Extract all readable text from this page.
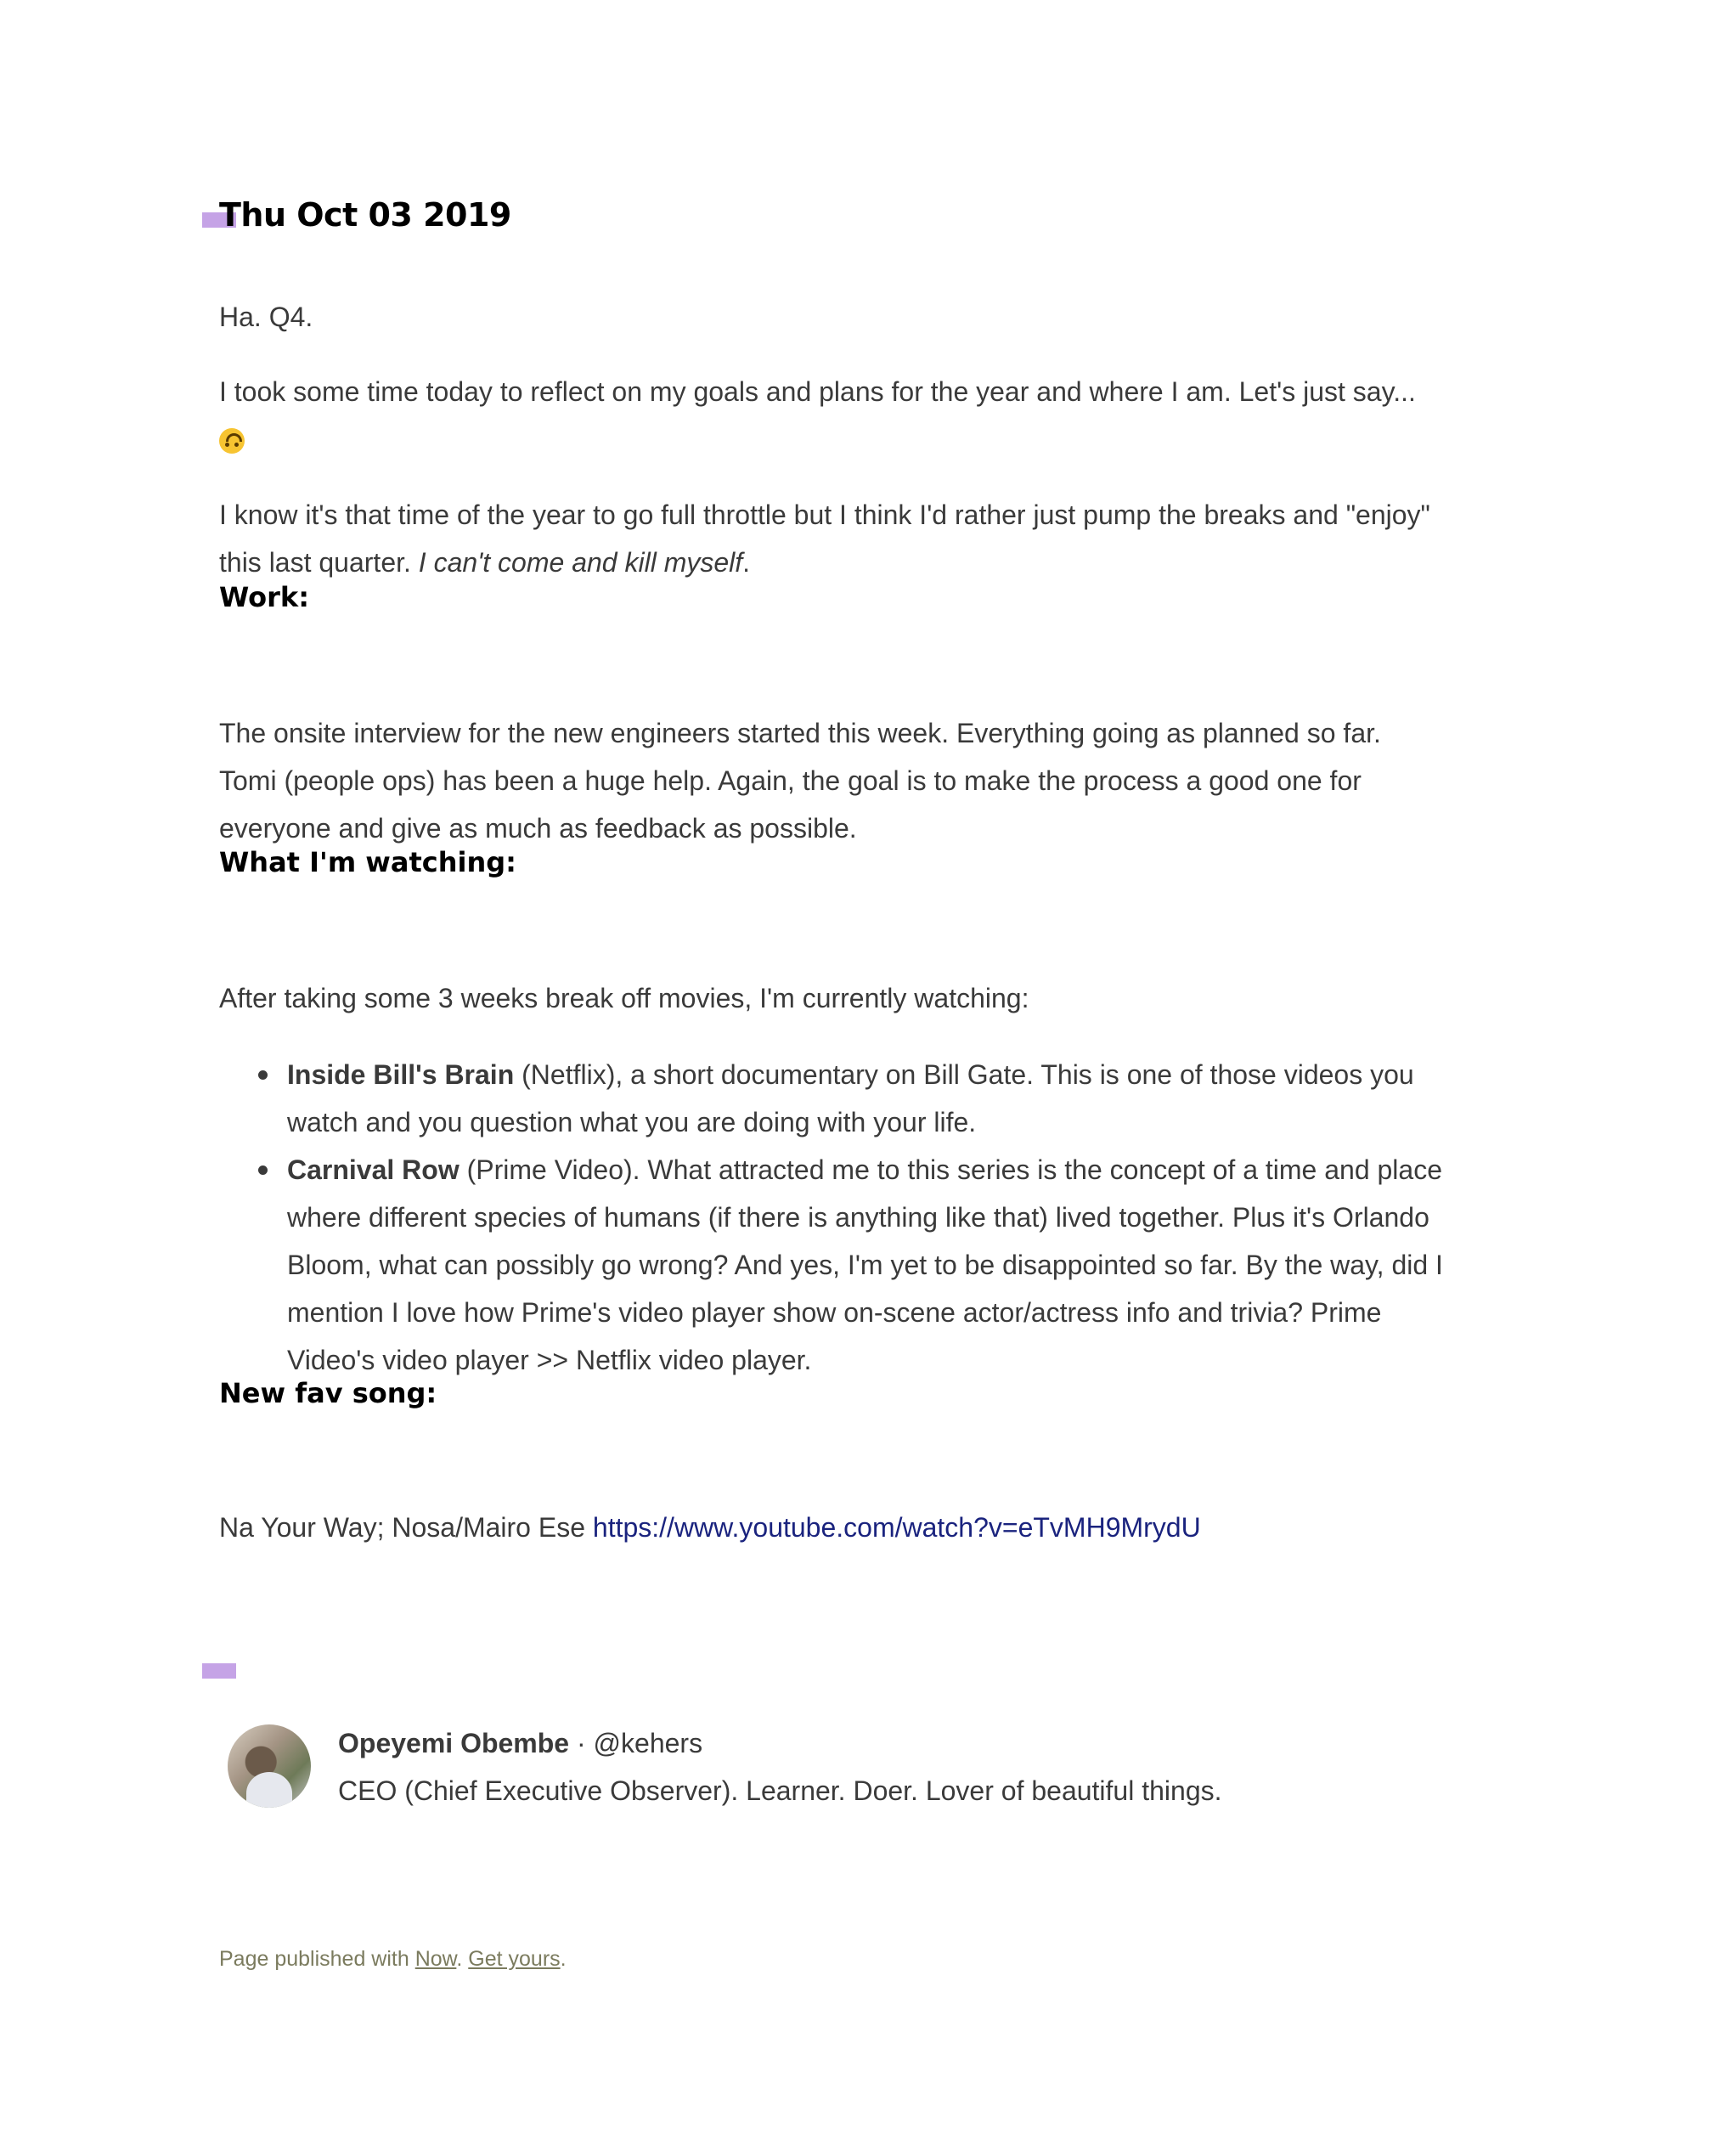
Thu Oct 03 2019

Ha. Q4.

I took some time today to reflect on my goals and plans for the year and where I am. Let's just say...

I know it's that time of the year to go full throttle but I think I'd rather just pump the breaks and "enjoy" this last quarter. I can't come and kill myself.

Work:

The onsite interview for the new engineers started this week. Everything going as planned so far. Tomi (people ops) has been a huge help. Again, the goal is to make the process a good one for everyone and give as much as feedback as possible.

What I'm watching:

After taking some 3 weeks break off movies, I'm currently watching:

Inside Bill's Brain (Netflix), a short documentary on Bill Gate. This is one of those videos you watch and you question what you are doing with your life.
Carnival Row (Prime Video). What attracted me to this series is the concept of a time and place where different species of humans (if there is anything like that) lived together. Plus it's Orlando Bloom, what can possibly go wrong? And yes, I'm yet to be disappointed so far. By the way, did I mention I love how Prime's video player show on-scene actor/actress info and trivia? Prime Video's video player >> Netflix video player.
New fav song:

Na Your Way; Nosa/Mairo Ese https://www.youtube.com/watch?v=eTvMH9MrydU

Opeyemi Obembe · @kehers
CEO (Chief Executive Observer). Learner. Doer. Lover of beautiful things.
Page published with Now. Get yours.
